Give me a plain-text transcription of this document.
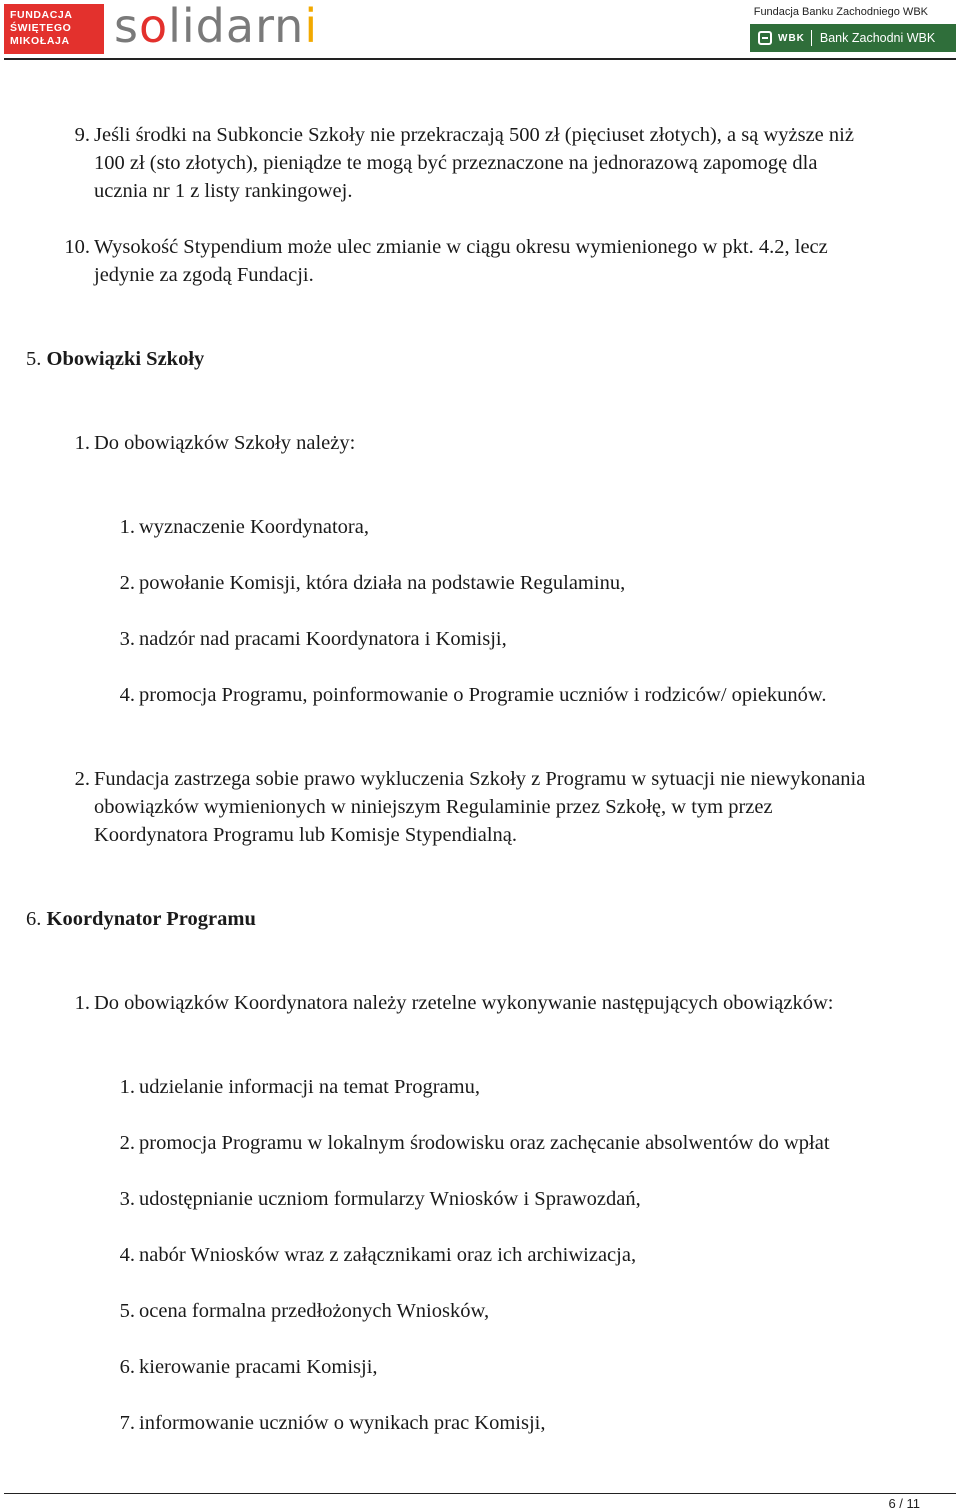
FUNDACJA
ŚWIĘTEGO
MIKOŁAJA solidarni	Fundacja Banku Zachodniego WBK
WBK Bank Zachodni WBK
9. Jeśli środki na Subkoncie Szkoły nie przekraczają 500 zł (pięciuset złotych), a są wyższe niż
100 zł (sto złotych), pieniądze te mogą być przeznaczone na jednorazową zapomogę dla
ucznia nr 1 z listy rankingowej.
10. Wysokość Stypendium może ulec zmianie w ciągu okresu wymienionego w pkt. 4.2, lecz
jedynie za zgodą Fundacji.
5. Obowiązki Szkoły
1. Do obowiązków Szkoły należy:
1. wyznaczenie Koordynatora,
2. powołanie Komisji, która działa na podstawie Regulaminu,
3. nadzór nad pracami Koordynatora i Komisji,
4. promocja Programu, poinformowanie o Programie uczniów i rodziców/ opiekunów.
2. Fundacja zastrzega sobie prawo wykluczenia Szkoły z Programu w sytuacji nie niewykonania
obowiązków wymienionych w niniejszym Regulaminie przez Szkołę, w tym przez
Koordynatora Programu lub Komisje Stypendialną.
6. Koordynator Programu
1. Do obowiązków Koordynatora należy rzetelne wykonywanie następujących obowiązków:
1. udzielanie informacji na temat Programu,
2. promocja Programu w lokalnym środowisku oraz zachęcanie absolwentów do wpłat
3. udostępnianie uczniom formularzy Wniosków i Sprawozdań,
4. nabór Wniosków wraz z załącznikami oraz ich archiwizacja,
5. ocena formalna przedłożonych Wniosków,
6. kierowanie pracami Komisji,
7. informowanie uczniów o wynikach prac Komisji,
6 / 11
